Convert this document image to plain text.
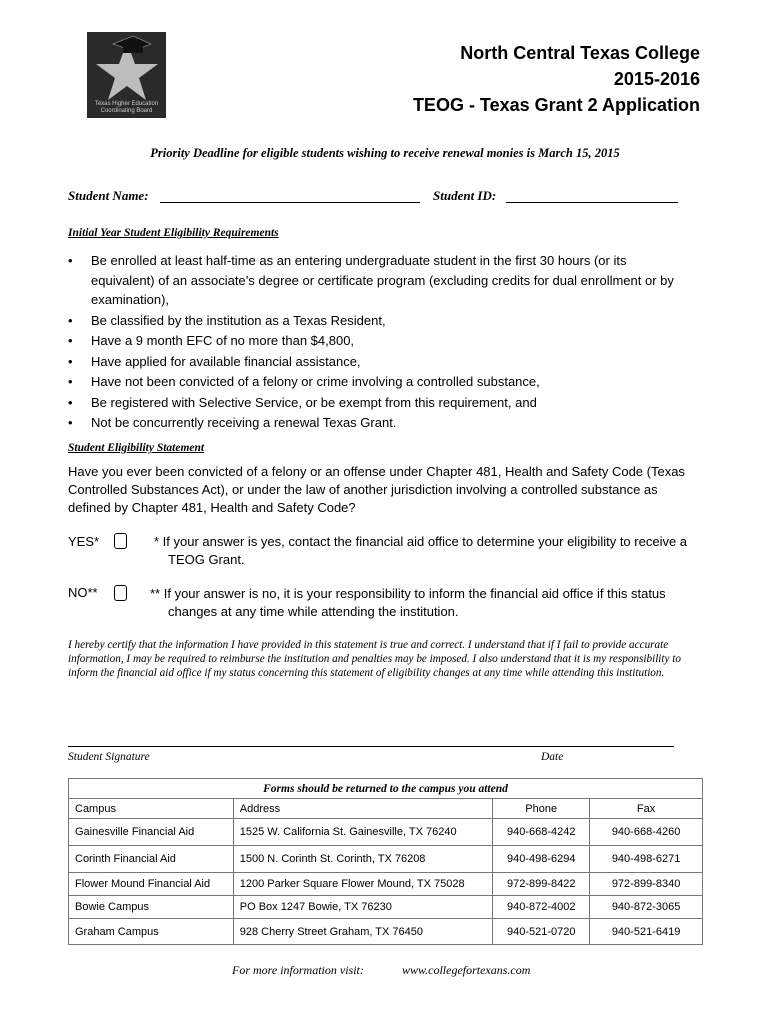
Texas Higher Education Coordinating Board
North Central Texas College
2015-2016
TEOG - Texas Grant 2 Application
Priority Deadline for eligible students wishing to receive renewal monies is March 15, 2015
Student Name:	Student ID:
Initial Year Student Eligibility Requirements
• Be enrolled at least half-time as an entering undergraduate student in the first 30 hours (or its equivalent) of an associate’s degree or certificate program (excluding credits for dual enrollment or by examination),
• Be classified by the institution as a Texas Resident,
• Have a 9 month EFC of no more than $4,800,
• Have applied for available financial assistance,
• Have not been convicted of a felony or crime involving a controlled substance,
• Be registered with Selective Service, or be exempt from this requirement, and
• Not be concurrently receiving a renewal Texas Grant.
Student Eligibility Statement
Have you ever been convicted of a felony or an offense under Chapter 481, Health and Safety Code (Texas Controlled Substances Act), or under the law of another jurisdiction involving a controlled substance as defined by Chapter 481, Health and Safety Code?
YES*	* If your answer is yes, contact the financial aid office to determine your eligibility to receive a TEOG Grant.
NO**	** If your answer is no, it is your responsibility to inform the financial aid office if this status changes at any time while attending the institution.
I hereby certify that the information I have provided in this statement is true and correct. I understand that if I fail to provide accurate information, I may be required to reimburse the institution and penalties may be imposed. I also understand that it is my responsibility to inform the financial aid office if my status concerning this statement of eligibility changes at any time while attending this institution.
Student Signature	Date
Forms should be returned to the campus you attend			
Campus	Address	Phone	Fax
Gainesville Financial Aid	1525 W. California St. Gainesville, TX 76240	940-668-4242	940-668-4260
Corinth Financial Aid	1500 N. Corinth St. Corinth, TX 76208	940-498-6294	940-498-6271
Flower Mound Financial Aid	1200 Parker Square Flower Mound, TX 75028	972-899-8422	972-899-8340
Bowie Campus	PO Box 1247 Bowie, TX 76230	940-872-4002	940-872-3065
Graham Campus	928 Cherry Street Graham, TX 76450	940-521-0720	940-521-6419
For more information visit:	www.collegefortexans.com
